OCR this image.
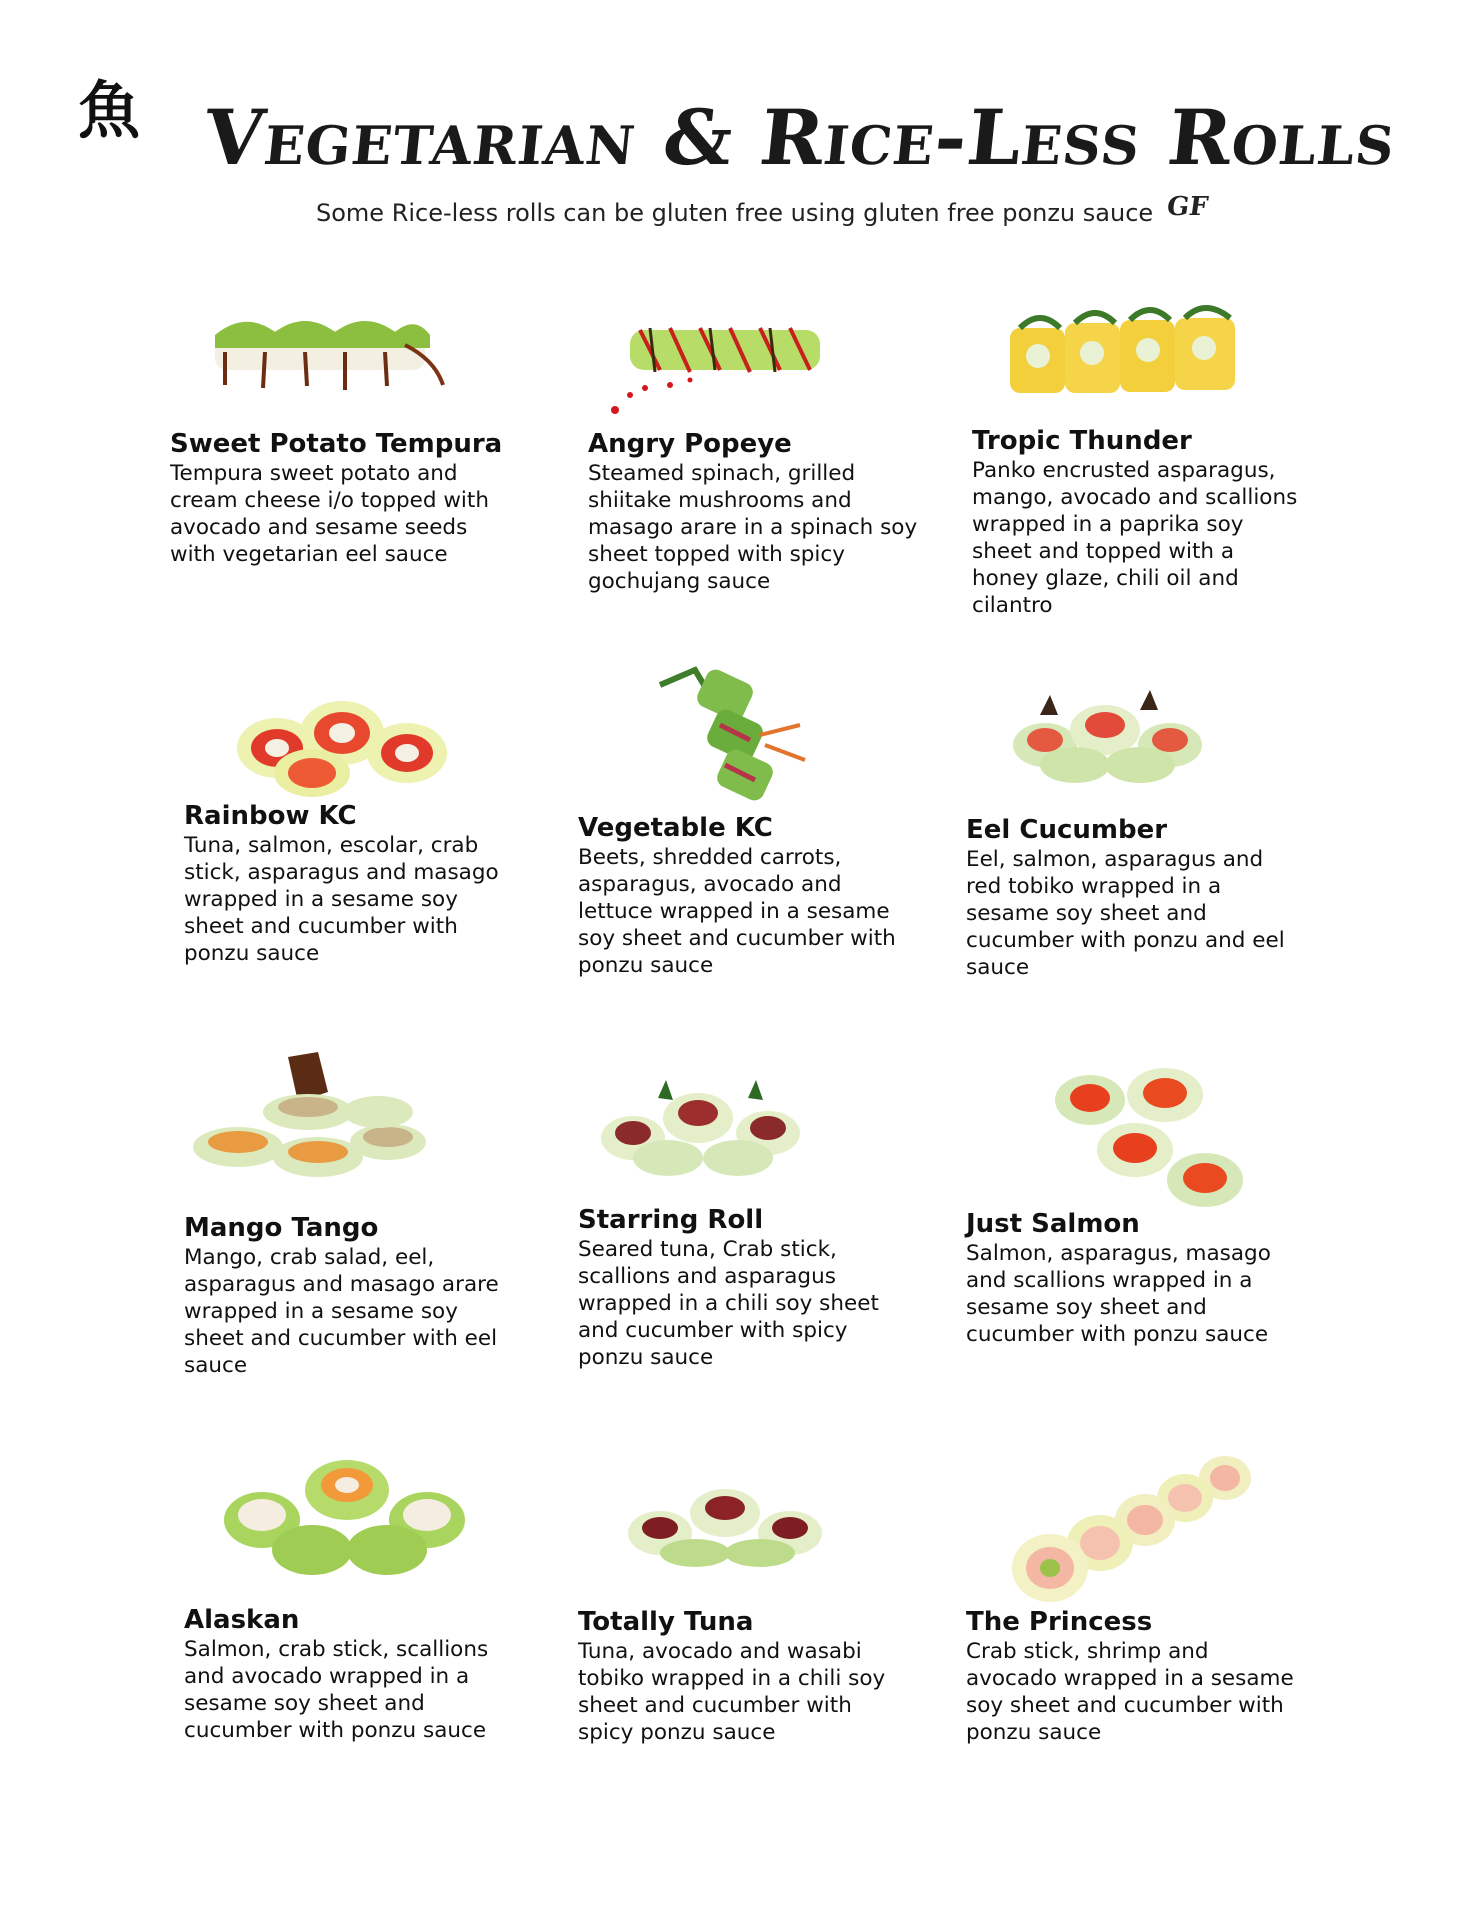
魚 Vegetarian & Rice-Less Rolls
Some Rice-less rolls can be gluten free using gluten free ponzu sauce GF
Sweet Potato Tempura
Tempura sweet potato and cream cheese i/o topped with avocado and sesame seeds with vegetarian eel sauce
Angry Popeye
Steamed spinach, grilled shiitake mushrooms and masago arare in a spinach soy sheet topped with spicy gochujang sauce
Tropic Thunder
Panko encrusted asparagus, mango, avocado and scallions wrapped in a paprika soy sheet and topped with a honey glaze, chili oil and cilantro
Rainbow KC
Tuna, salmon, escolar, crab stick, asparagus and masago wrapped in a sesame soy sheet and cucumber with ponzu sauce
Vegetable KC
Beets, shredded carrots, asparagus, avocado and lettuce wrapped in a sesame soy sheet and cucumber with ponzu sauce
Eel Cucumber
Eel, salmon, asparagus and red tobiko wrapped in a sesame soy sheet and cucumber with ponzu and eel sauce
Mango Tango
Mango, crab salad, eel, asparagus and masago arare wrapped in a sesame soy sheet and cucumber with eel sauce
Starring Roll
Seared tuna, Crab stick, scallions and asparagus wrapped in a chili soy sheet and cucumber with spicy ponzu sauce
Just Salmon
Salmon, asparagus, masago and scallions wrapped in a sesame soy sheet and cucumber with ponzu sauce
Alaskan
Salmon, crab stick, scallions and avocado wrapped in a sesame soy sheet and cucumber with ponzu sauce
Totally Tuna
Tuna, avocado and wasabi tobiko wrapped in a chili soy sheet and cucumber with spicy ponzu sauce
The Princess
Crab stick, shrimp and avocado wrapped in a sesame soy sheet and cucumber with ponzu sauce
